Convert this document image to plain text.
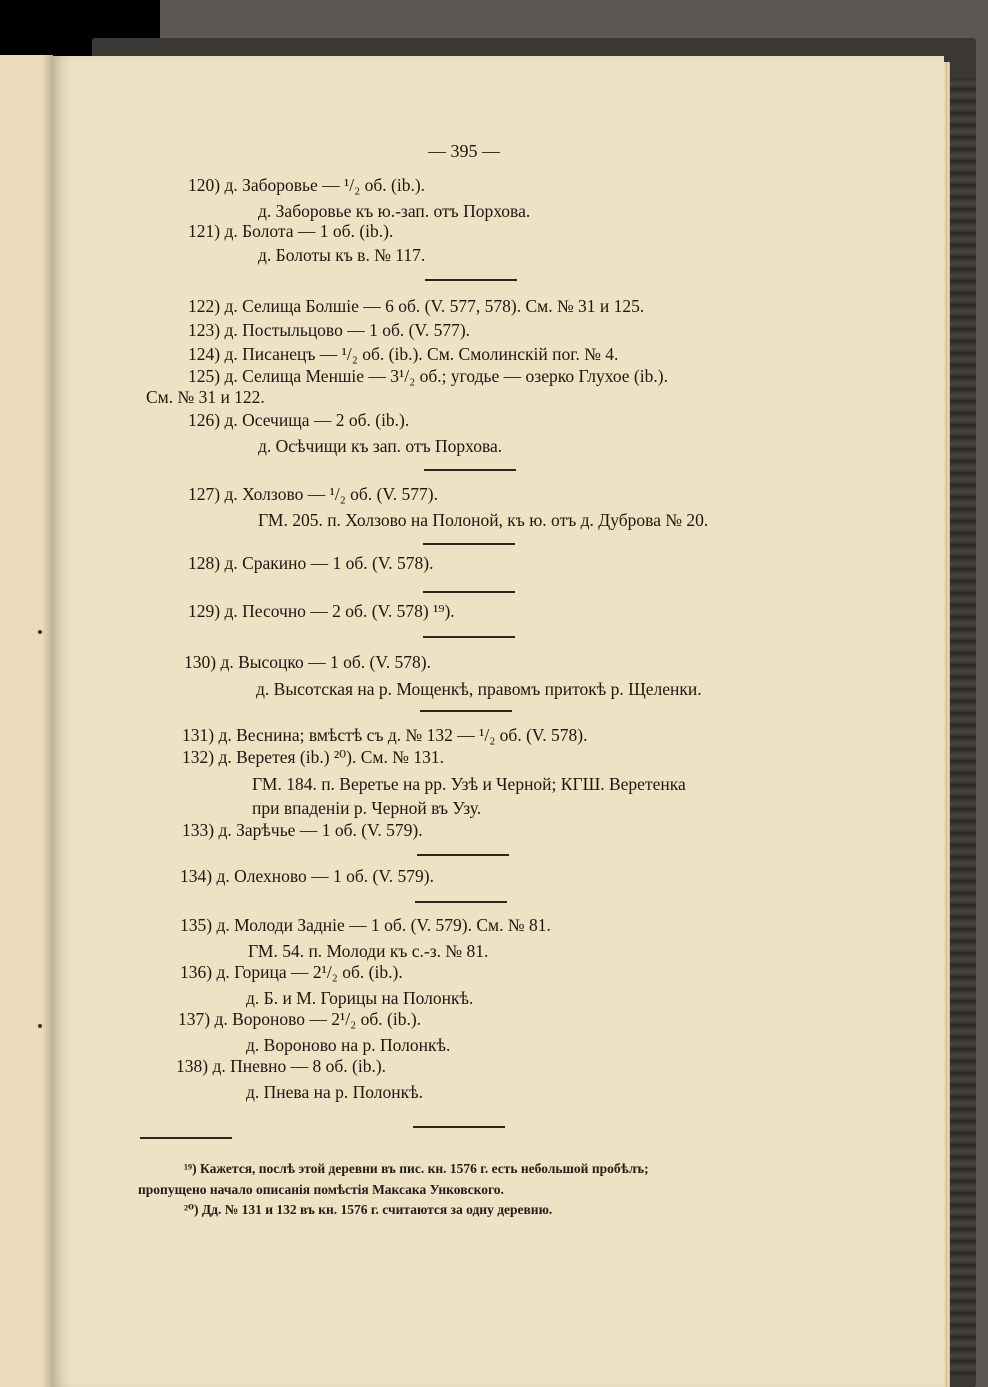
— 395 —
120) д. Заборовье — ¹/₂ об. (ib.).
д. Заборовье къ ю.-зап. отъ Порхова.
121) д. Болота — 1 об. (ib.).
д. Болоты къ в. № 117.
122) д. Селища Болшіе — 6 об. (V. 577, 578). См. № 31 и 125.
123) д. Постыльцово — 1 об. (V. 577).
124) д. Писанецъ — ¹/₂ об. (ib.). См. Смолинскій пог. № 4.
125) д. Селища Меншіе — 3¹/₂ об.; угодье — озерко Глухое (ib.).
См. № 31 и 122.
126) д. Осечища — 2 об. (ib.).
д. Осѣчищи къ зап. отъ Порхова.
127) д. Холзово — ¹/₂ об. (V. 577).
ГМ. 205. п. Холзово на Полоной, къ ю. отъ д. Дуброва № 20.
128) д. Сракино — 1 об. (V. 578).
129) д. Песочно — 2 об. (V. 578) ¹⁹).
130) д. Высоцко — 1 об. (V. 578).
д. Высотская на р. Мощенкѣ, правомъ притокѣ р. Щеленки.
131) д. Веснина; вмѣстѣ съ д. № 132 — ¹/₂ об. (V. 578).
132) д. Веретея (ib.) ²⁰). См. № 131.
ГМ. 184. п. Веретье на рр. Узѣ и Черной; КГШ. Веретенка
при впаденіи р. Черной въ Узу.
133) д. Зарѣчье — 1 об. (V. 579).
134) д. Олехново — 1 об. (V. 579).
135) д. Молоди Задніе — 1 об. (V. 579). См. № 81.
ГМ. 54. п. Молоди къ с.-з. № 81.
136) д. Горица — 2¹/₂ об. (ib.).
д. Б. и М. Горицы на Полонкѣ.
137) д. Вороново — 2¹/₂ об. (ib.).
д. Вороново на р. Полонкѣ.
138) д. Пневно — 8 об. (ib.).
д. Пнева на р. Полонкѣ.
¹⁹) Кажется, послѣ этой деревни въ пис. кн. 1576 г. есть небольшой пробѣлъ;
пропущено начало описанія помѣстія Максака Унковского.
²⁰) Дд. № 131 и 132 въ кн. 1576 г. считаются за одну деревню.
